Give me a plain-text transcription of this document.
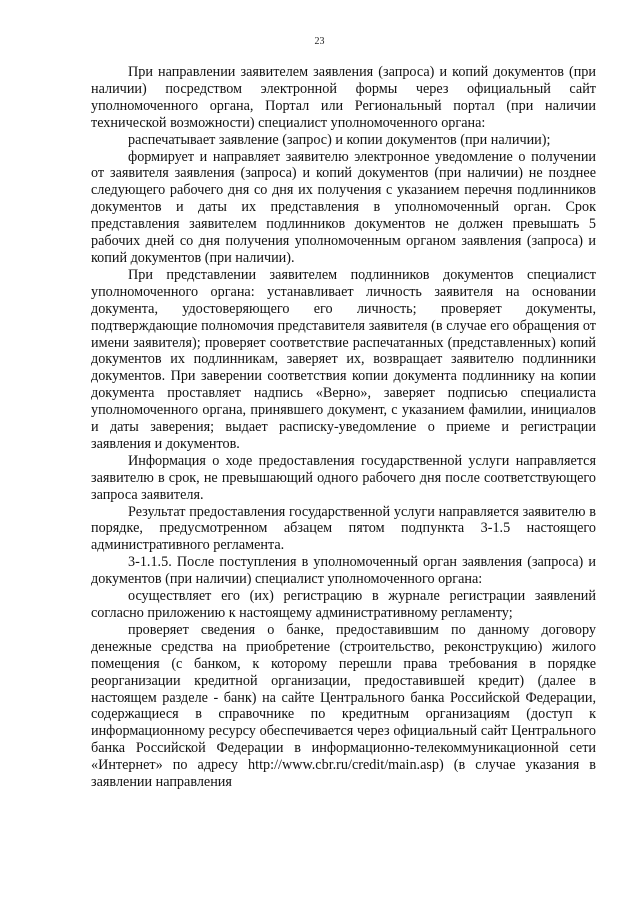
23

При направлении заявителем заявления (запроса) и копий документов (при наличии) посредством электронной формы через официальный сайт уполномоченного органа, Портал или Региональный портал (при наличии технической возможности) специалист уполномоченного органа:

распечатывает заявление (запрос) и копии документов (при наличии);

формирует и направляет заявителю электронное уведомление о получении от заявителя заявления (запроса) и копий документов (при наличии) не позднее следующего рабочего дня со дня их получения с указанием перечня подлинников документов и даты их представления в уполномоченный орган. Срок представления заявителем подлинников документов не должен превышать 5 рабочих дней со дня получения уполномоченным органом заявления (запроса) и копий документов (при наличии).

При представлении заявителем подлинников документов специалист уполномоченного органа: устанавливает личность заявителя на основании документа, удостоверяющего его личность; проверяет документы, подтверждающие полномочия представителя заявителя (в случае его обращения от имени заявителя); проверяет соответствие распечатанных (представленных) копий документов их подлинникам, заверяет их, возвращает заявителю подлинники документов. При заверении соответствия копии документа подлиннику на копии документа проставляет надпись «Верно», заверяет подписью специалиста уполномоченного органа, принявшего документ, с указанием фамилии, инициалов и даты заверения; выдает расписку-уведомление о приеме и регистрации заявления и документов.

Информация о ходе предоставления государственной услуги направляется заявителю в срок, не превышающий одного рабочего дня после соответствующего запроса заявителя.

Результат предоставления государственной услуги направляется заявителю в порядке, предусмотренном абзацем пятом подпункта 3-1.5 настоящего административного регламента.

3-1.1.5. После поступления в уполномоченный орган заявления (запроса) и документов (при наличии) специалист уполномоченного органа:

осуществляет его (их) регистрацию в журнале регистрации заявлений согласно приложению к настоящему административному регламенту;

проверяет сведения о банке, предоставившим по данному договору денежные средства на приобретение (строительство, реконструкцию) жилого помещения (с банком, к которому перешли права требования в порядке реорганизации кредитной организации, предоставившей кредит) (далее в настоящем разделе - банк) на сайте Центрального банка Российской Федерации, содержащиеся в справочнике по кредитным организациям (доступ к информационному ресурсу обеспечивается через официальный сайт Центрального банка Российской Федерации в информационно-телекоммуникационной сети «Интернет» по адресу http://www.cbr.ru/credit/main.asp) (в случае указания в заявлении направления
